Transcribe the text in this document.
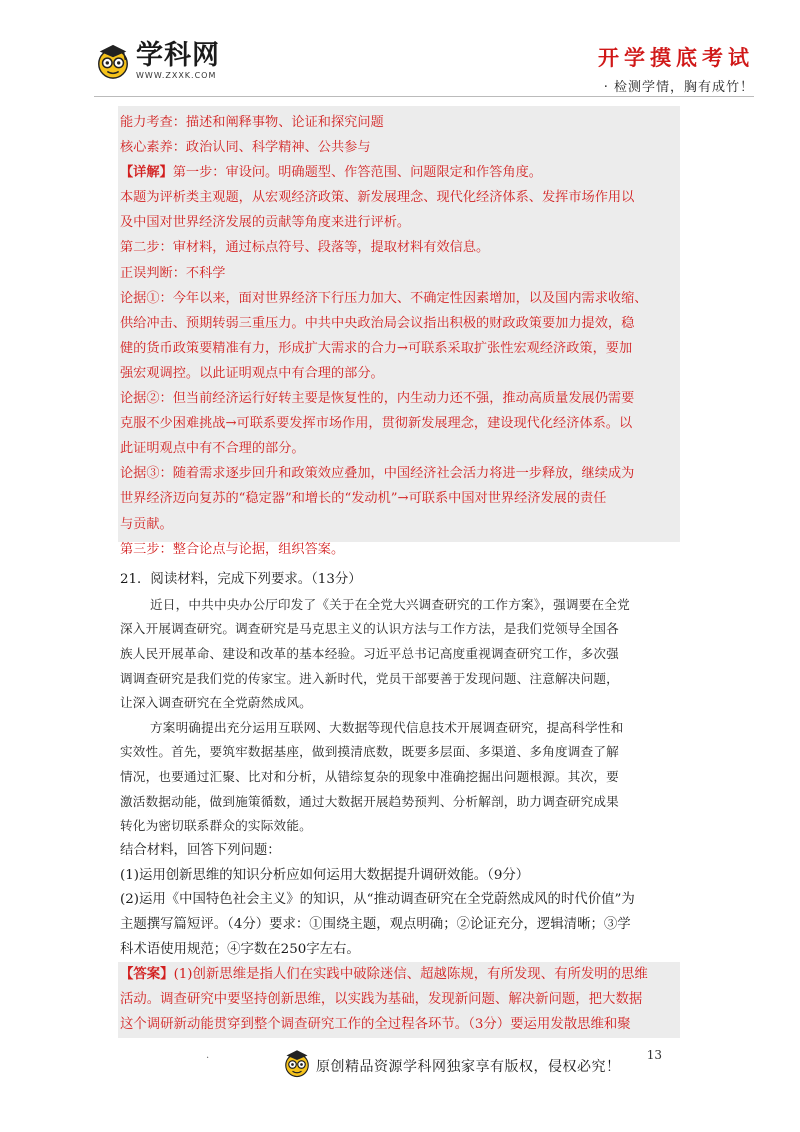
学科网
WWW.ZXXK.COM
开学摸底考试
· 检测学情，胸有成竹！
能力考查：描述和阐释事物、论证和探究问题
核心素养：政治认同、科学精神、公共参与
【详解】第一步：审设问。明确题型、作答范围、问题限定和作答角度。
本题为评析类主观题，从宏观经济政策、新发展理念、现代化经济体系、发挥市场作用以
及中国对世界经济发展的贡献等角度来进行评析。
第二步：审材料，通过标点符号、段落等，提取材料有效信息。
正误判断：不科学
论据①：今年以来，面对世界经济下行压力加大、不确定性因素增加，以及国内需求收缩、
供给冲击、预期转弱三重压力。中共中央政治局会议指出积极的财政政策要加力提效，稳
健的货币政策要精准有力，形成扩大需求的合力→可联系采取扩张性宏观经济政策，要加
强宏观调控。以此证明观点中有合理的部分。
论据②：但当前经济运行好转主要是恢复性的，内生动力还不强，推动高质量发展仍需要
克服不少困难挑战→可联系要发挥市场作用，贯彻新发展理念，建设现代化经济体系。以
此证明观点中有不合理的部分。
论据③：随着需求逐步回升和政策效应叠加，中国经济社会活力将进一步释放，继续成为
世界经济迈向复苏的“稳定器”和增长的“发动机”→可联系中国对世界经济发展的责任
与贡献。
第三步：整合论点与论据，组织答案。
21．阅读材料，完成下列要求。（13分）
近日，中共中央办公厅印发了《关于在全党大兴调查研究的工作方案》，强调要在全党
深入开展调查研究。调查研究是马克思主义的认识方法与工作方法，是我们党领导全国各
族人民开展革命、建设和改革的基本经验。习近平总书记高度重视调查研究工作，多次强
调调查研究是我们党的传家宝。进入新时代，党员干部要善于发现问题、注意解决问题，
让深入调查研究在全党蔚然成风。
方案明确提出充分运用互联网、大数据等现代信息技术开展调查研究，提高科学性和
实效性。首先，要筑牢数据基座，做到摸清底数，既要多层面、多渠道、多角度调查了解
情况，也要通过汇聚、比对和分析，从错综复杂的现象中准确挖掘出问题根源。其次，要
激活数据动能，做到施策循数，通过大数据开展趋势预判、分析解剖，助力调查研究成果
转化为密切联系群众的实际效能。
结合材料，回答下列问题：
(1)运用创新思维的知识分析应如何运用大数据提升调研效能。（9分）
(2)运用《中国特色社会主义》的知识，从“推动调查研究在全党蔚然成风的时代价值”为
主题撰写篇短评。（4分）要求：①围绕主题，观点明确；②论证充分，逻辑清晰；③学
科术语使用规范；④字数在250字左右。
【答案】(1)创新思维是指人们在实践中破除迷信、超越陈规，有所发现、有所发明的思维
活动。调查研究中要坚持创新思维，以实践为基础，发现新问题、解决新问题，把大数据
这个调研新动能贯穿到整个调查研究工作的全过程各环节。（3分）要运用发散思维和聚
.
原创精品资源学科网独家享有版权，侵权必究！
13
